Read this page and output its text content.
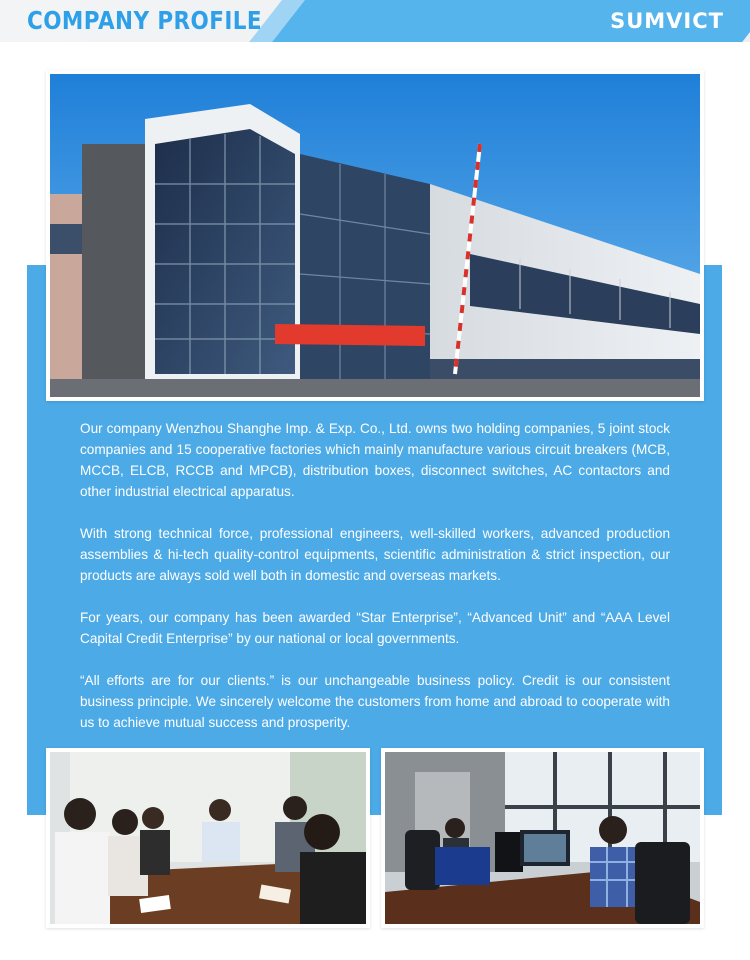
COMPANY PROFILE	SUMVICT

Our company Wenzhou Shanghe Imp. & Exp. Co., Ltd. owns two holding companies, 5 joint stock companies and 15 cooperative factories which mainly manufacture various circuit breakers (MCB, MCCB, ELCB, RCCB and MPCB), distribution boxes, disconnect switches, AC contactors and other industrial electrical apparatus.

With strong technical force, professional engineers, well-skilled workers, advanced production assemblies & hi-tech quality-control equipments, scientific administration & strict inspection, our products are always sold well both in domestic and overseas markets.

For years, our company has been awarded “Star Enterprise”, “Advanced Unit” and “AAA Level Capital Credit Enterprise” by our national or local governments.

“All efforts are for our clients.” is our unchangeable business policy. Credit is our consistent business principle. We sincerely welcome the customers from home and abroad to cooperate with us to achieve mutual success and prosperity.
